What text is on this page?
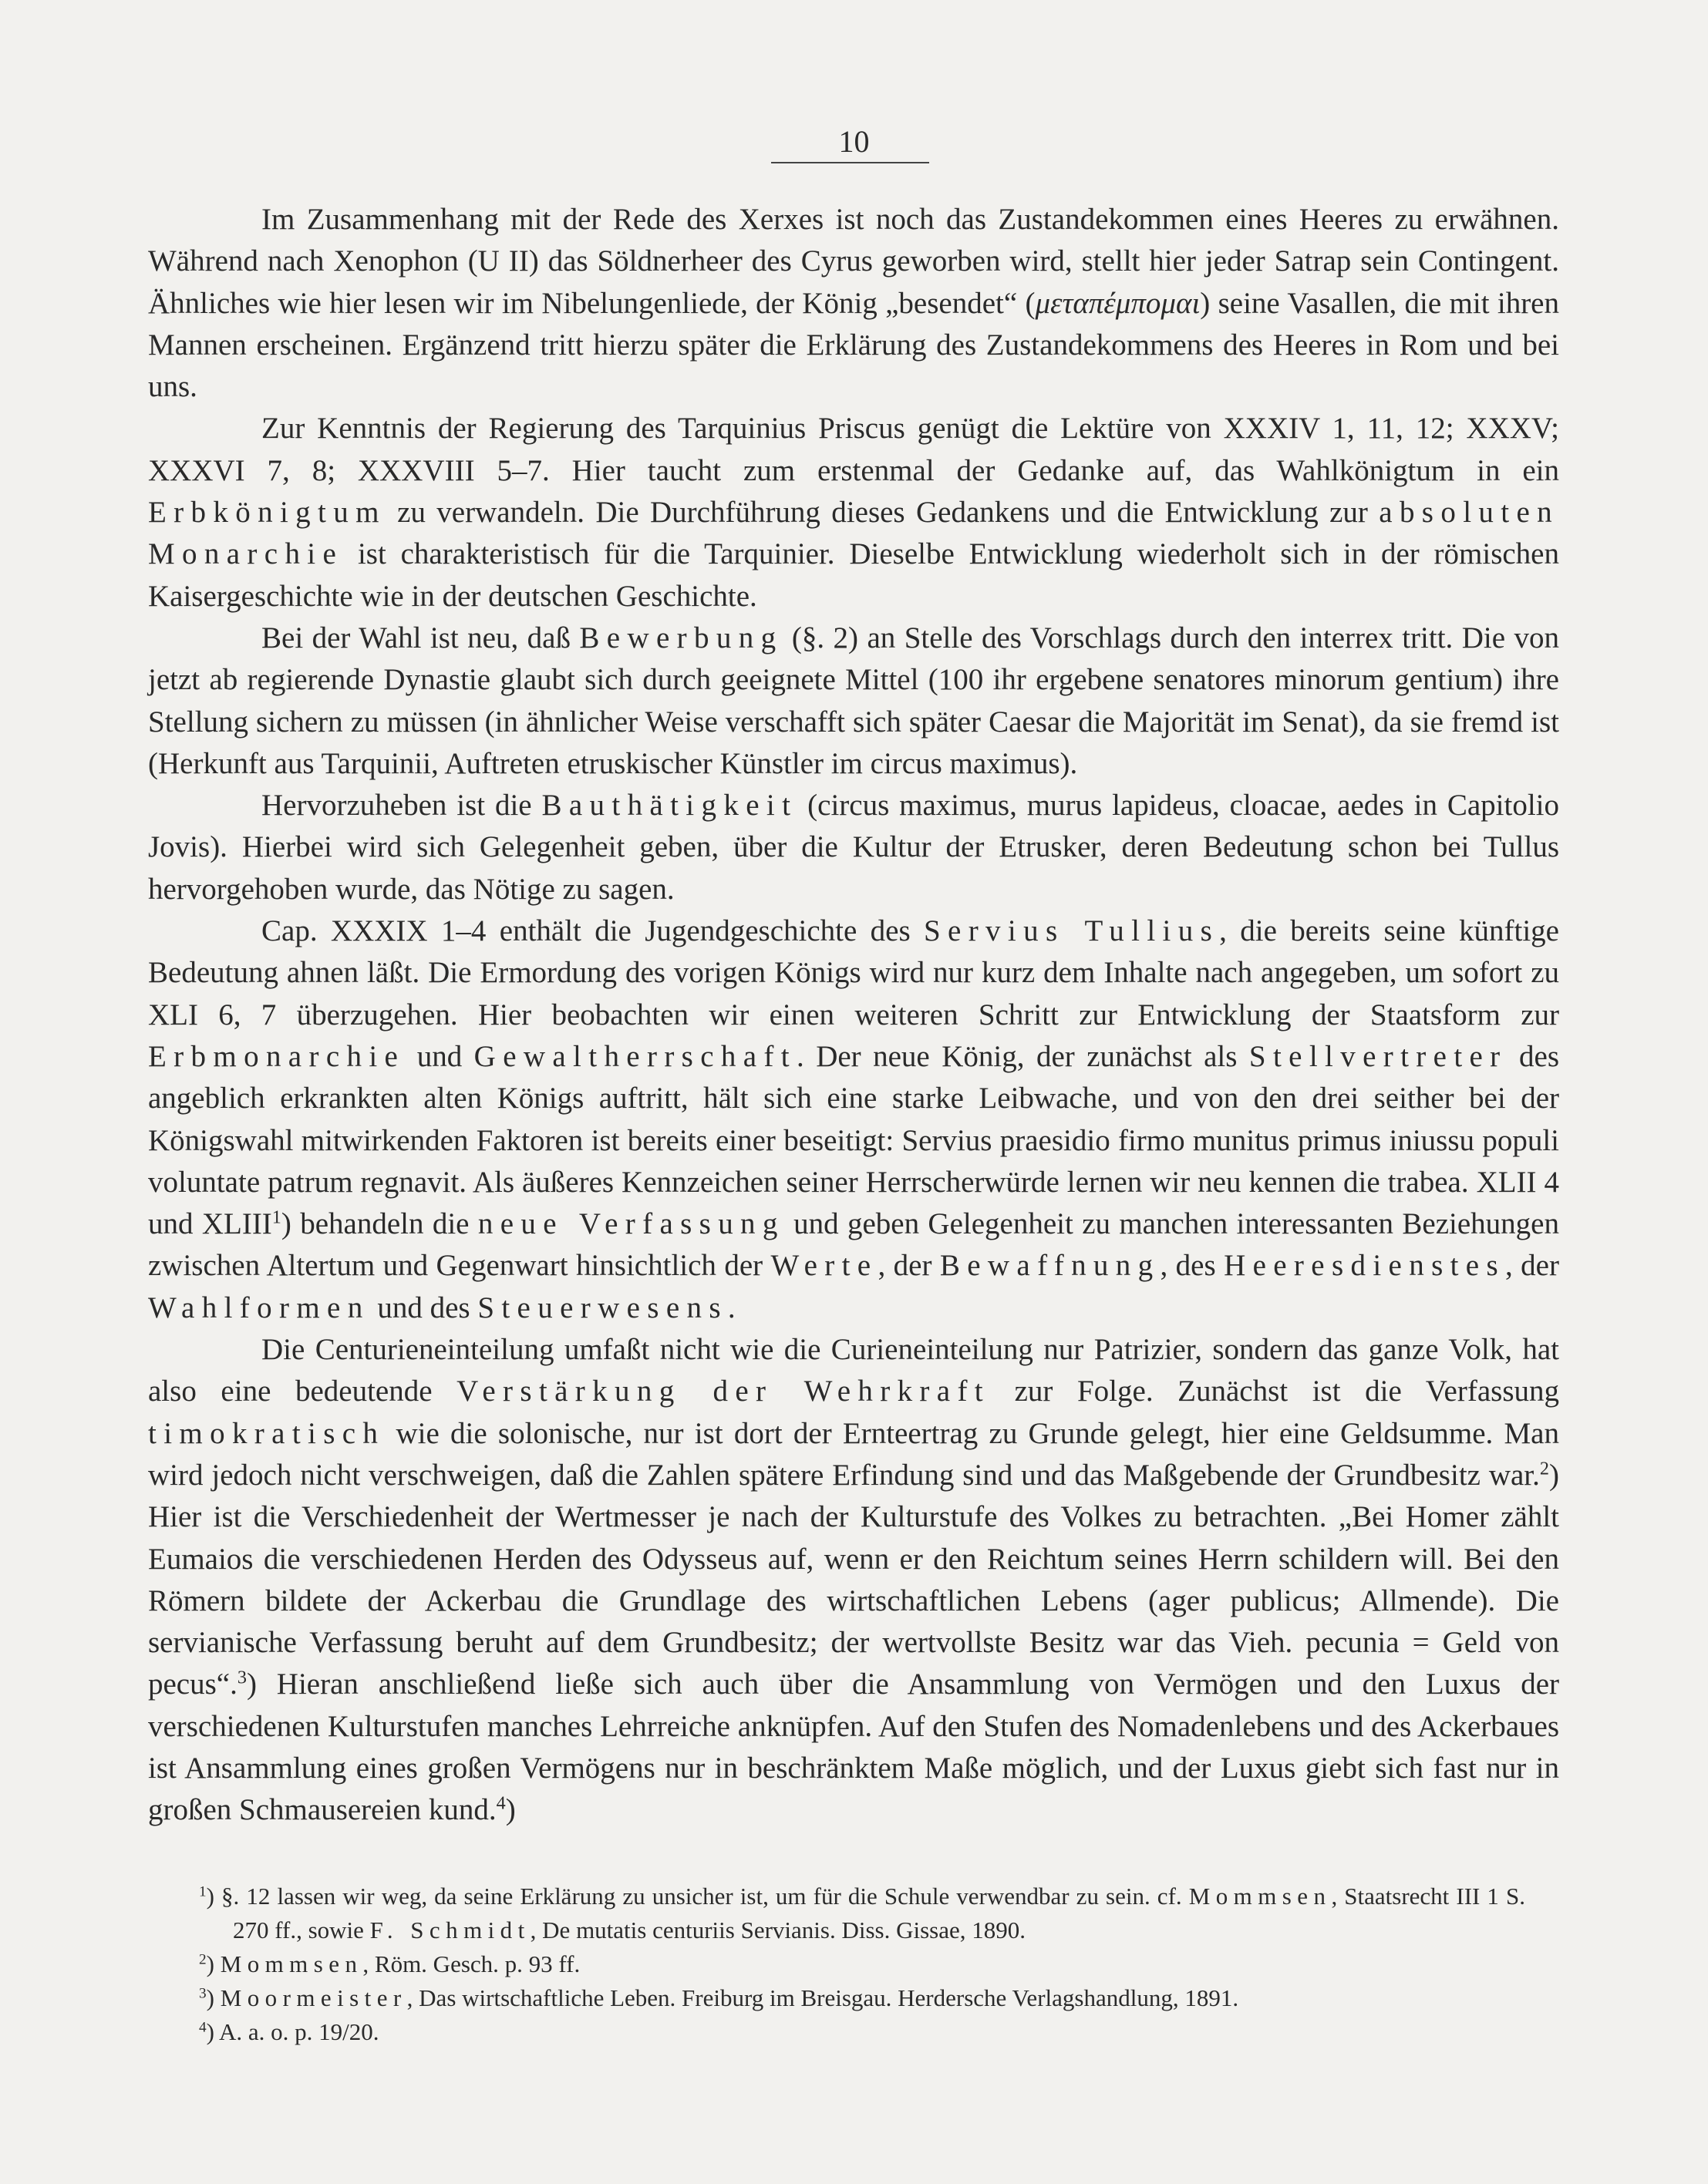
10

Im Zusammenhang mit der Rede des Xerxes ist noch das Zustandekommen eines Heeres zu erwähnen. Während nach Xenophon (U II) das Söldnerheer des Cyrus geworben wird, stellt hier jeder Satrap sein Contingent. Ähnliches wie hier lesen wir im Nibelungenliede, der König „besendet“ (μεταπέμπομαι) seine Vasallen, die mit ihren Mannen erscheinen. Ergänzend tritt hierzu später die Erklärung des Zustandekommens des Heeres in Rom und bei uns.

Zur Kenntnis der Regierung des Tarquinius Priscus genügt die Lektüre von XXXIV 1, 11, 12; XXXV; XXXVI 7, 8; XXXVIII 5–7. Hier taucht zum erstenmal der Gedanke auf, das Wahlkönigtum in ein Erbkönigtum zu verwandeln. Die Durchführung dieses Gedankens und die Entwicklung zur absoluten Monarchie ist charakteristisch für die Tarquinier. Dieselbe Entwicklung wiederholt sich in der römischen Kaisergeschichte wie in der deutschen Geschichte.

Bei der Wahl ist neu, daß Bewerbung (§. 2) an Stelle des Vorschlags durch den interrex tritt. Die von jetzt ab regierende Dynastie glaubt sich durch geeignete Mittel (100 ihr ergebene senatores minorum gentium) ihre Stellung sichern zu müssen (in ähnlicher Weise verschafft sich später Caesar die Majorität im Senat), da sie fremd ist (Herkunft aus Tarquinii, Auftreten etruskischer Künstler im circus maximus).

Hervorzuheben ist die Bauthätigkeit (circus maximus, murus lapideus, cloacae, aedes in Capitolio Jovis). Hierbei wird sich Gelegenheit geben, über die Kultur der Etrusker, deren Bedeutung schon bei Tullus hervorgehoben wurde, das Nötige zu sagen.

Cap. XXXIX 1–4 enthält die Jugendgeschichte des Servius Tullius, die bereits seine künftige Bedeutung ahnen läßt. Die Ermordung des vorigen Königs wird nur kurz dem Inhalte nach angegeben, um sofort zu XLI 6, 7 überzugehen. Hier beobachten wir einen weiteren Schritt zur Entwicklung der Staatsform zur Erbmonarchie und Gewaltherrschaft. Der neue König, der zunächst als Stellvertreter des angeblich erkrankten alten Königs auftritt, hält sich eine starke Leibwache, und von den drei seither bei der Königswahl mitwirkenden Faktoren ist bereits einer beseitigt: Servius praesidio firmo munitus primus iniussu populi voluntate patrum regnavit. Als äußeres Kennzeichen seiner Herrscherwürde lernen wir neu kennen die trabea. XLII 4 und XLIII$^1$) behandeln die neue Verfassung und geben Gelegenheit zu manchen interessanten Beziehungen zwischen Altertum und Gegenwart hinsichtlich der Werte, der Bewaffnung, des Heeresdienstes, der Wahlformen und des Steuerwesens.

Die Centurieneinteilung umfaßt nicht wie die Curieneinteilung nur Patrizier, sondern das ganze Volk, hat also eine bedeutende Verstärkung der Wehrkraft zur Folge. Zunächst ist die Verfassung timokratisch wie die solonische, nur ist dort der Ernteertrag zu Grunde gelegt, hier eine Geldsumme. Man wird jedoch nicht verschweigen, daß die Zahlen spätere Erfindung sind und das Maßgebende der Grundbesitz war.$^2$) Hier ist die Verschiedenheit der Wertmesser je nach der Kulturstufe des Volkes zu betrachten. „Bei Homer zählt Eumaios die verschiedenen Herden des Odysseus auf, wenn er den Reichtum seines Herrn schildern will. Bei den Römern bildete der Ackerbau die Grundlage des wirtschaftlichen Lebens (ager publicus; Allmende). Die servianische Verfassung beruht auf dem Grundbesitz; der wertvollste Besitz war das Vieh. pecunia = Geld von pecus“.$^3$) Hieran anschließend ließe sich auch über die Ansammlung von Vermögen und den Luxus der verschiedenen Kulturstufen manches Lehrreiche anknüpfen. Auf den Stufen des Nomadenlebens und des Ackerbaues ist Ansammlung eines großen Vermögens nur in beschränktem Maße möglich, und der Luxus giebt sich fast nur in großen Schmausereien kund.$^4$)

$^1$) §. 12 lassen wir weg, da seine Erklärung zu unsicher ist, um für die Schule verwendbar zu sein. cf. Mommsen, Staatsrecht III 1 S. 270 ff., sowie F. Schmidt, De mutatis centuriis Servianis. Diss. Gissae, 1890.

$^2$) Mommsen, Röm. Gesch. p. 93 ff.

$^3$) Moormeister, Das wirtschaftliche Leben. Freiburg im Breisgau. Herdersche Verlagshandlung, 1891.

$^4$) A. a. o. p. 19/20.
